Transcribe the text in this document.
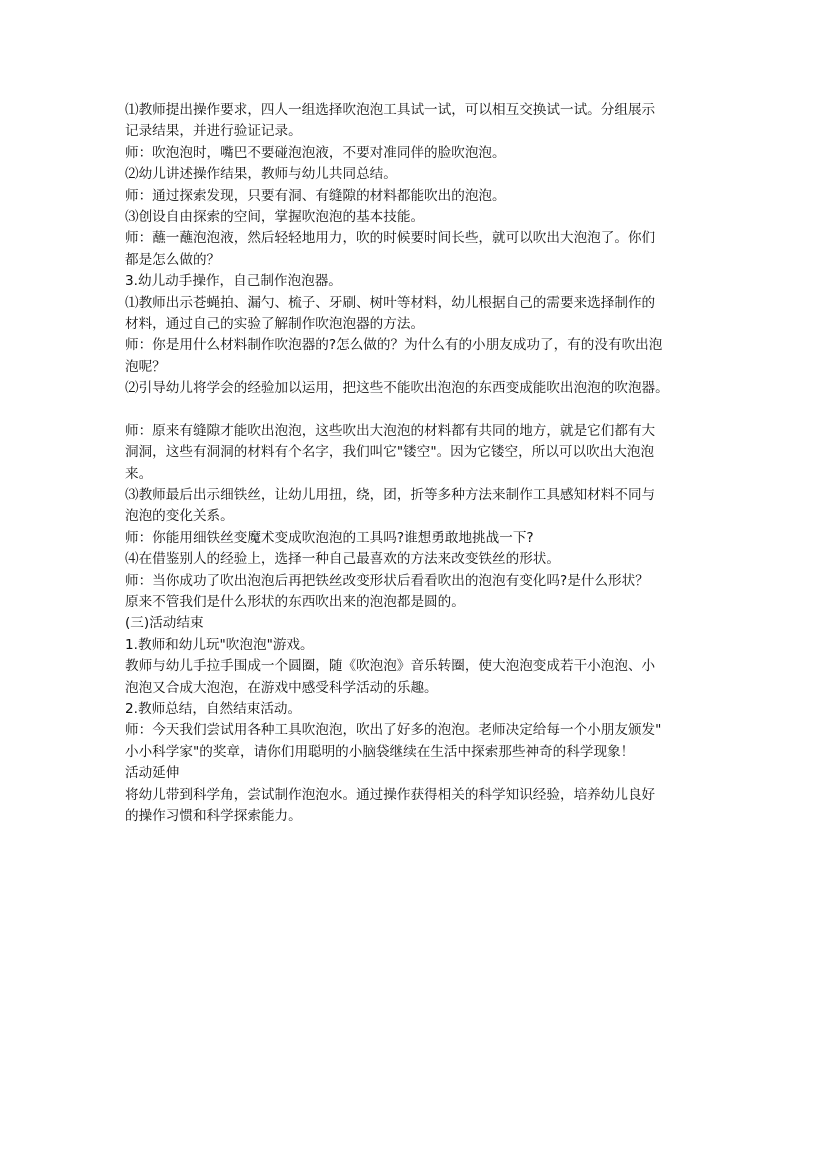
⑴教师提出操作要求，四人一组选择吹泡泡工具试一试，可以相互交换试一试。分组展示
记录结果，并进行验证记录。
师：吹泡泡时，嘴巴不要碰泡泡液，不要对准同伴的脸吹泡泡。
⑵幼儿讲述操作结果，教师与幼儿共同总结。
师：通过探索发现，只要有洞、有缝隙的材料都能吹出的泡泡。
⑶创设自由探索的空间，掌握吹泡泡的基本技能。
师：蘸一蘸泡泡液，然后轻轻地用力，吹的时候要时间长些，就可以吹出大泡泡了。你们
都是怎么做的？
3.幼儿动手操作，自己制作泡泡器。
⑴教师出示苍蝇拍、漏勺、梳子、牙刷、树叶等材料，幼儿根据自己的需要来选择制作的
材料，通过自己的实验了解制作吹泡泡器的方法。
师：你是用什么材料制作吹泡器的?怎么做的？为什么有的小朋友成功了，有的没有吹出泡
泡呢？
⑵引导幼儿将学会的经验加以运用，把这些不能吹出泡泡的东西变成能吹出泡泡的吹泡器。
师：原来有缝隙才能吹出泡泡，这些吹出大泡泡的材料都有共同的地方，就是它们都有大
洞洞，这些有洞洞的材料有个名字，我们叫它"镂空"。因为它镂空，所以可以吹出大泡泡
来。
⑶教师最后出示细铁丝，让幼儿用扭，绕，团，折等多种方法来制作工具感知材料不同与
泡泡的变化关系。
师：你能用细铁丝变魔术变成吹泡泡的工具吗?谁想勇敢地挑战一下?
⑷在借鉴别人的经验上，选择一种自己最喜欢的方法来改变铁丝的形状。
师：当你成功了吹出泡泡后再把铁丝改变形状后看看吹出的泡泡有变化吗?是什么形状？
原来不管我们是什么形状的东西吹出来的泡泡都是圆的。
(三)活动结束
1.教师和幼儿玩"吹泡泡"游戏。
教师与幼儿手拉手围成一个圆圈，随《吹泡泡》音乐转圈，使大泡泡变成若干小泡泡、小
泡泡又合成大泡泡，在游戏中感受科学活动的乐趣。
2.教师总结，自然结束活动。
师：今天我们尝试用各种工具吹泡泡，吹出了好多的泡泡。老师决定给每一个小朋友颁发"
小小科学家"的奖章，请你们用聪明的小脑袋继续在生活中探索那些神奇的科学现象！
活动延伸
将幼儿带到科学角，尝试制作泡泡水。通过操作获得相关的科学知识经验，培养幼儿良好
的操作习惯和科学探索能力。
